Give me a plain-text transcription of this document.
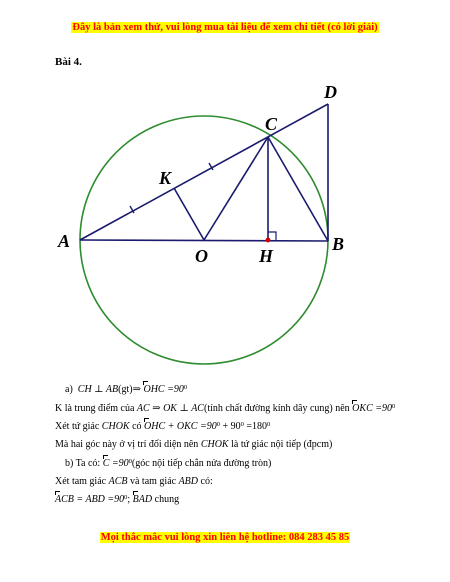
Đây là bản xem thử, vui lòng mua tài liệu để xem chi tiết (có lời giải)
Bài 4.
D
C
K
A	B
O	H
a) CH ⊥ AB(gt)⇒ OHC $=90^0$
K là trung điểm của AC ⇒ OK ⊥ AC(tính chất đường kính dây cung) nên OKC $=90^0$
Xét tứ giác CHOK có OHC + OKC $=90^0 + 90^0 =180^0$
Mà hai góc này ở vị trí đối diện nên CHOK là tứ giác nội tiếp (đpcm)
b) Ta có: $C =90^0(góc$ nội tiếp chắn nửa đường tròn)
Xét tam giác ACB và tam giác ABD có:
ACB = ABD $=90^0$; BAD chung
Mọi thắc mắc vui lòng xin liên hệ hotline: 084 283 45 85
